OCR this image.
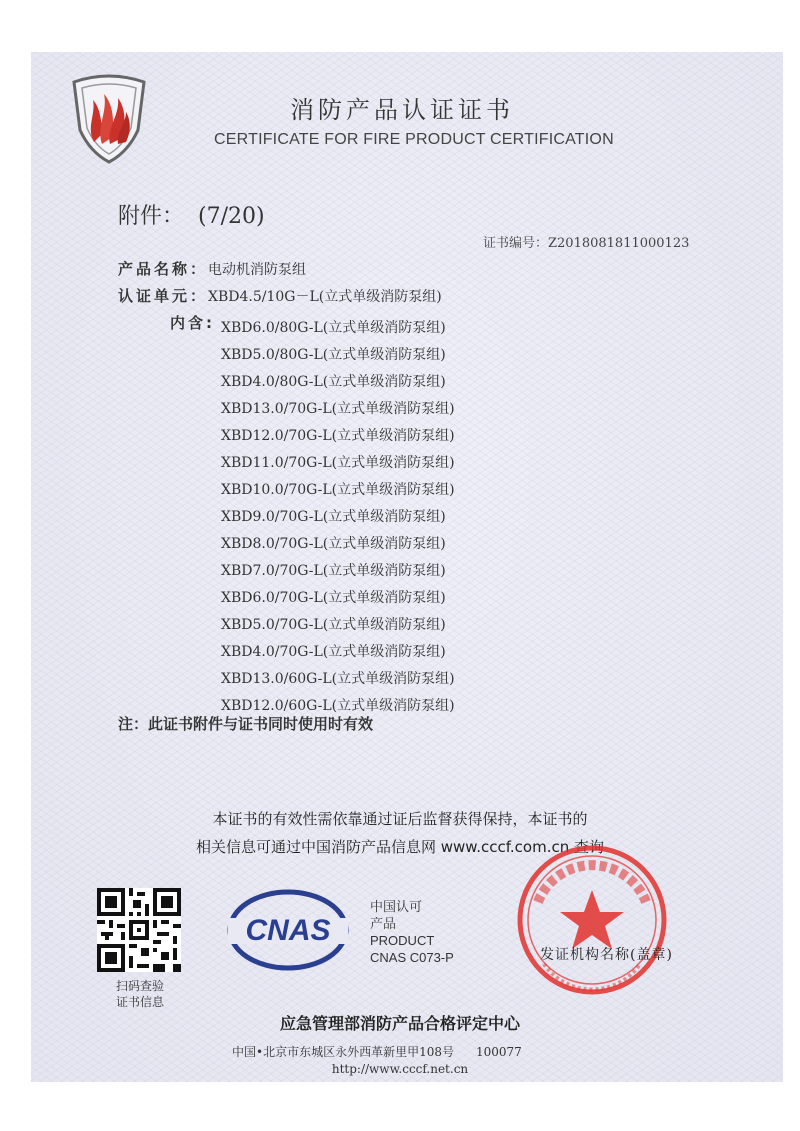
消防产品认证证书
CERTIFICATE FOR FIRE PRODUCT CERTIFICATION
附件： (7/20)
证书编号：Z2018081811000123
产品名称：电动机消防泵组
认证单元：XBD4.5/10G－L(立式单级消防泵组)
内含: XBD6.0/80G-L(立式单级消防泵组)
XBD5.0/80G-L(立式单级消防泵组)
XBD4.0/80G-L(立式单级消防泵组)
XBD13.0/70G-L(立式单级消防泵组)
XBD12.0/70G-L(立式单级消防泵组)
XBD11.0/70G-L(立式单级消防泵组)
XBD10.0/70G-L(立式单级消防泵组)
XBD9.0/70G-L(立式单级消防泵组)
XBD8.0/70G-L(立式单级消防泵组)
XBD7.0/70G-L(立式单级消防泵组)
XBD6.0/70G-L(立式单级消防泵组)
XBD5.0/70G-L(立式单级消防泵组)
XBD4.0/70G-L(立式单级消防泵组)
XBD13.0/60G-L(立式单级消防泵组)
XBD12.0/60G-L(立式单级消防泵组)
注：此证书附件与证书同时使用时有效
本证书的有效性需依靠通过证后监督获得保持，本证书的
相关信息可通过中国消防产品信息网 www.cccf.com.cn 查询
扫码查验
证书信息
CNAS
中国认可
产品
PRODUCT
CNAS C073-P	发证机构名称(盖章)
应急管理部消防产品合格评定中心
中国•北京市东城区永外西革新里甲108号 100077
http://www.cccf.net.cn
